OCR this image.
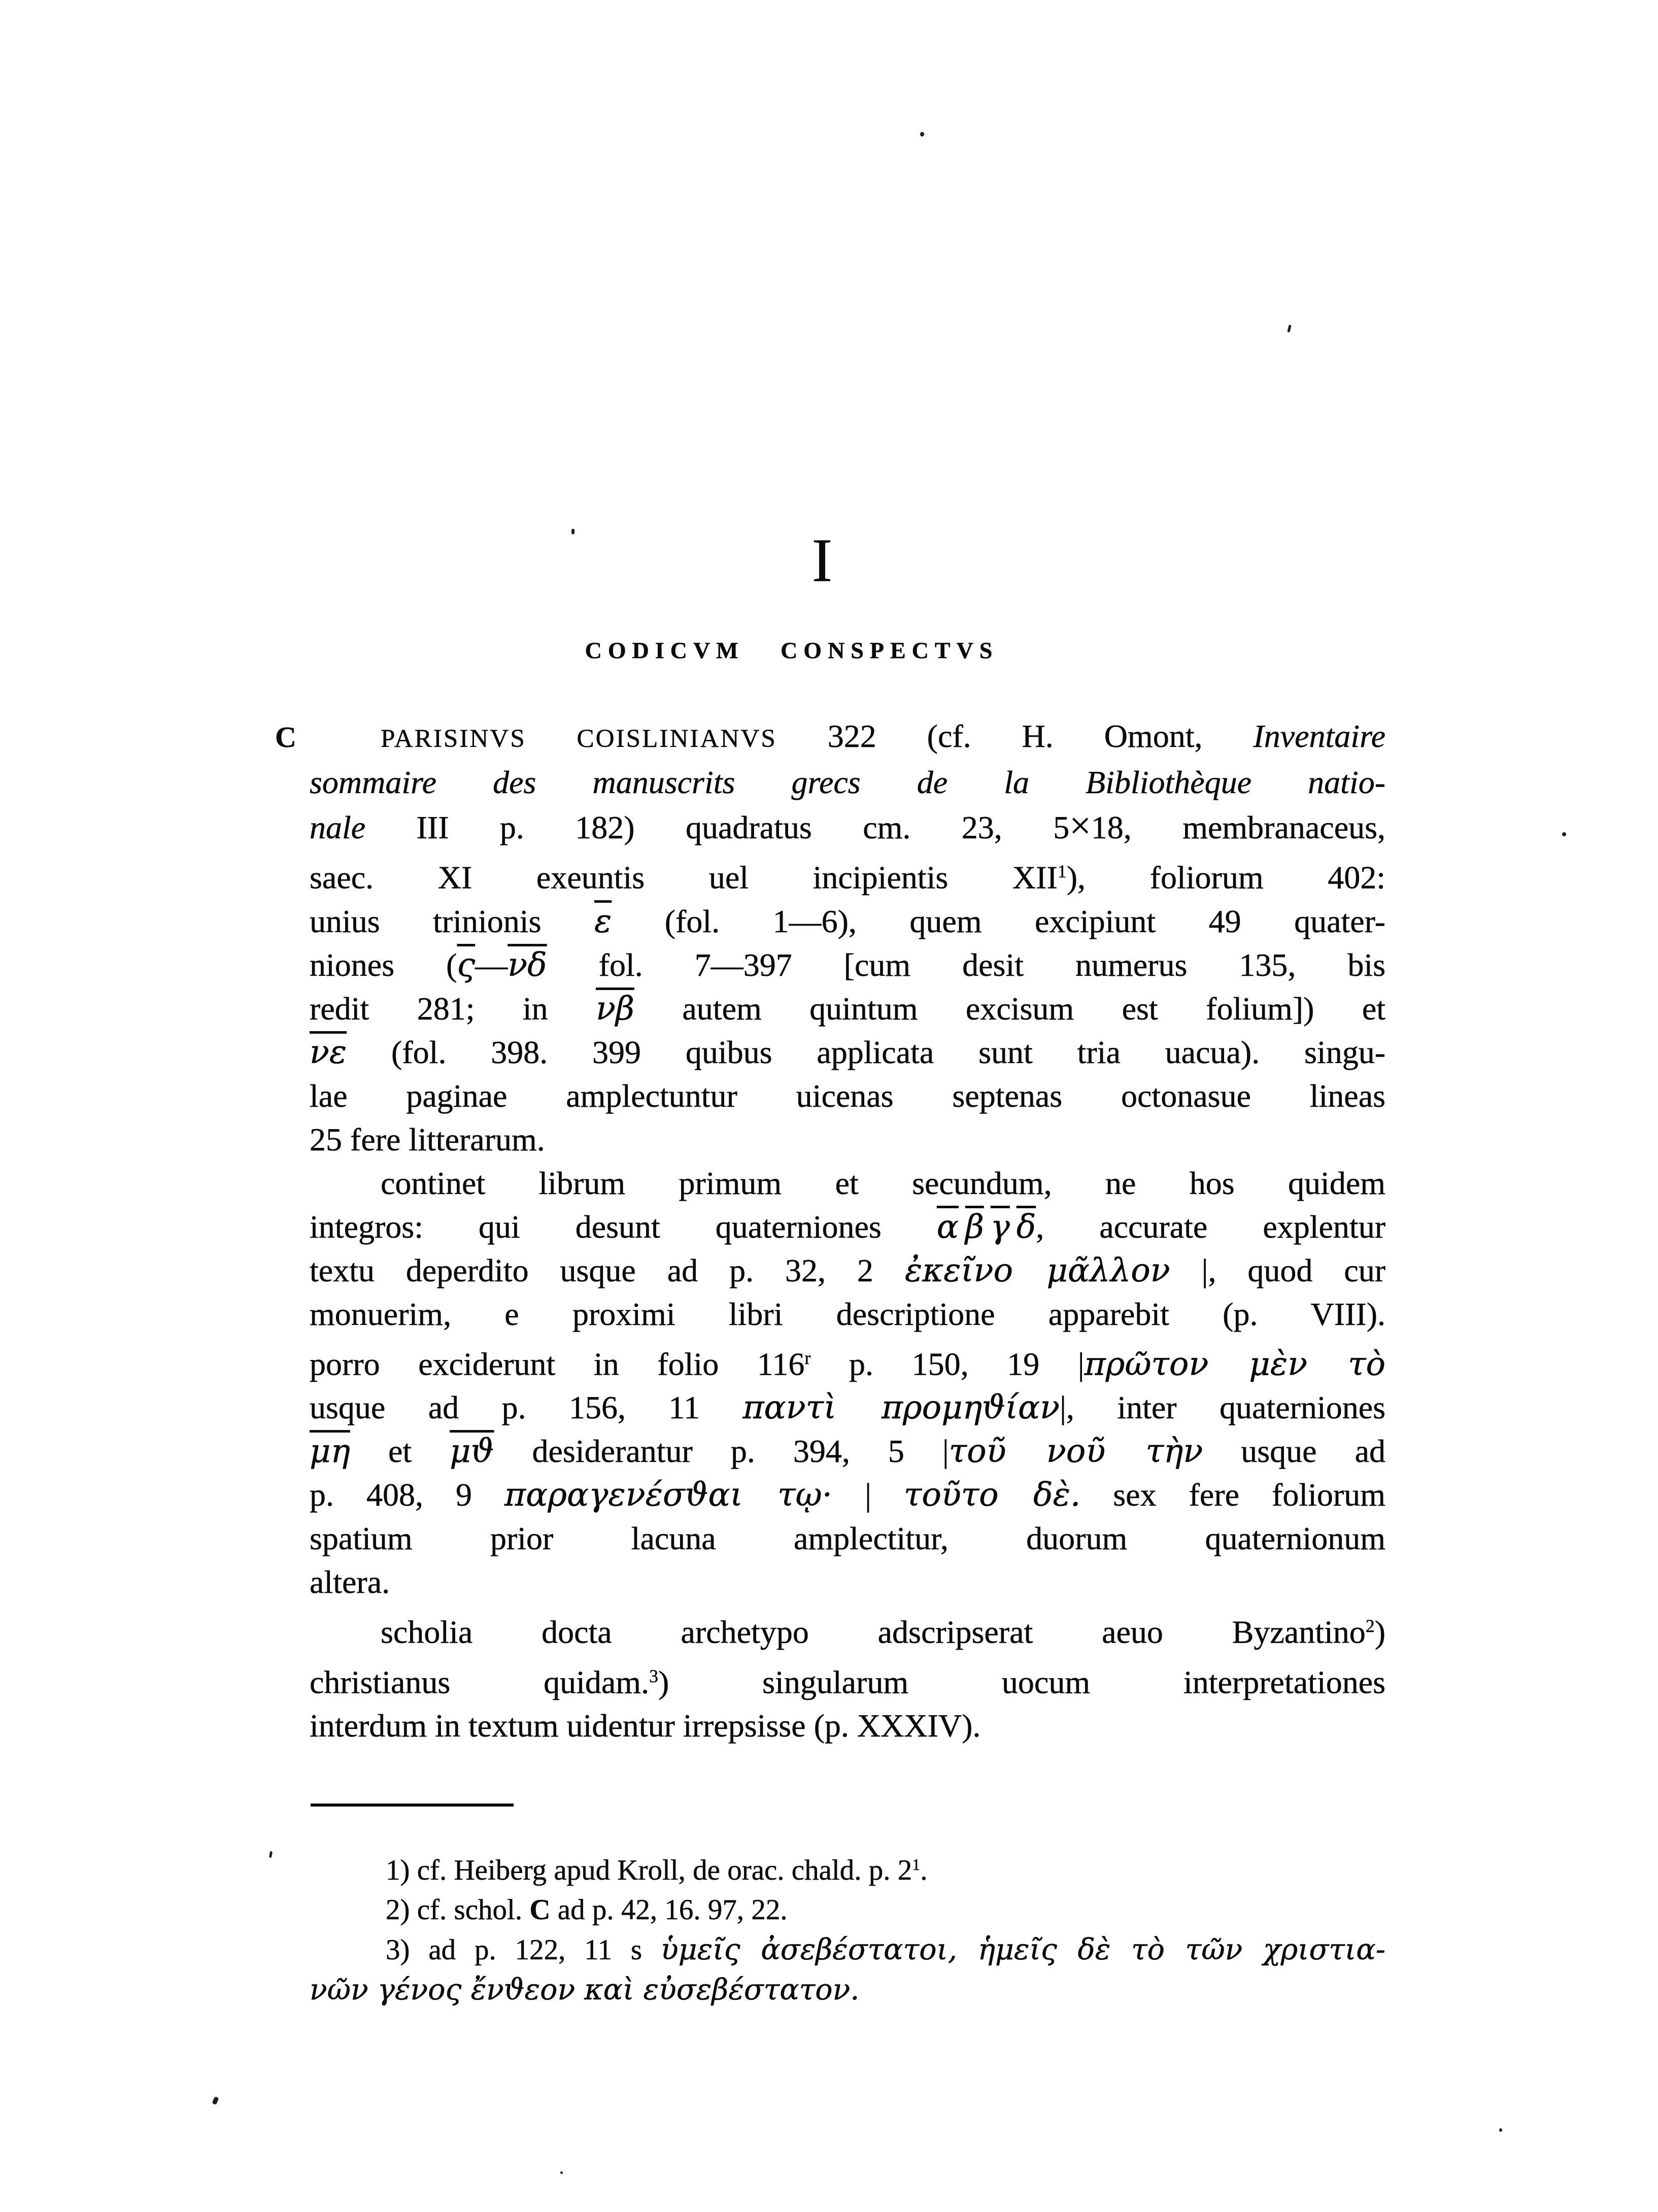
I
CODICVM CONSPECTVS
PARISINVS COISLINIANVS 322 (cf. H. Omont, Inventaire
C
sommaire des manuscrits grecs de la Bibliothèque natio-
nale III p. 182) quadratus cm. 23, 5×18, membranaceus,
saec. XI exeuntis uel incipientis XII$^1$), foliorum 402:
unius trinionis $\overline{\varepsilon}$ (fol. 1—6), quem excipiunt 49 quater-
niones ($\overline{\varsigma}—\overline{\nu\delta}$ fol. 7—397 [cum desit numerus 135, bis
redit 281; in $\overline{\nu\beta}$ autem quintum excisum est folium]) et
$\overline{\nu\varepsilon}$ (fol. 398. 399 quibus applicata sunt tria uacua). singu-
lae paginae amplectuntur uicenas septenas octonasue lineas
25 fere litterarum.
continet librum primum et secundum, ne hos quidem
integros: qui desunt quaterniones $\overline{\alpha}$  $\overline{\beta}$  $\overline{\gamma}$  $\overline{\delta}$, accurate explentur
textu deperdito usque ad p. 32, 2 ἐκεῖνο μᾶλλον |, quod cur
monuerim, e proximi libri descriptione apparebit (p. VIII).
porro exciderunt in folio 116$^r$ p. 150, 19 |πρῶτον μὲν τὸ
usque ad p. 156, 11 παντὶ προμηϑίαν|, inter quaterniones
$\overline{\mu\eta}$ et $\overline{\mu ϑ}$ desiderantur p. 394, 5 |τοῦ νοῦ τὴν usque ad
p. 408, 9 παραγενέσϑαι τῳ· | τοῦτο δὲ. sex fere foliorum
spatium prior lacuna amplectitur, duorum quaternionum
altera.
scholia docta archetypo adscripserat aeuo Byzantino$^2$)
christianus quidam.$^3$) singularum uocum interpretationes
interdum in textum uidentur irrepsisse (p. XXXIV).
1) cf. Heiberg apud Kroll, de orac. chald. p. $2^1$.
2) cf. schol. C ad p. 42, 16. 97, 22.
3) ad p. 122, 11 s ὑμεῖς ἀσεβέστατοι, ἡμεῖς δὲ τὸ τῶν χριστια-
νῶν γένος ἔνϑεον καὶ εὐσεβέστατον.
